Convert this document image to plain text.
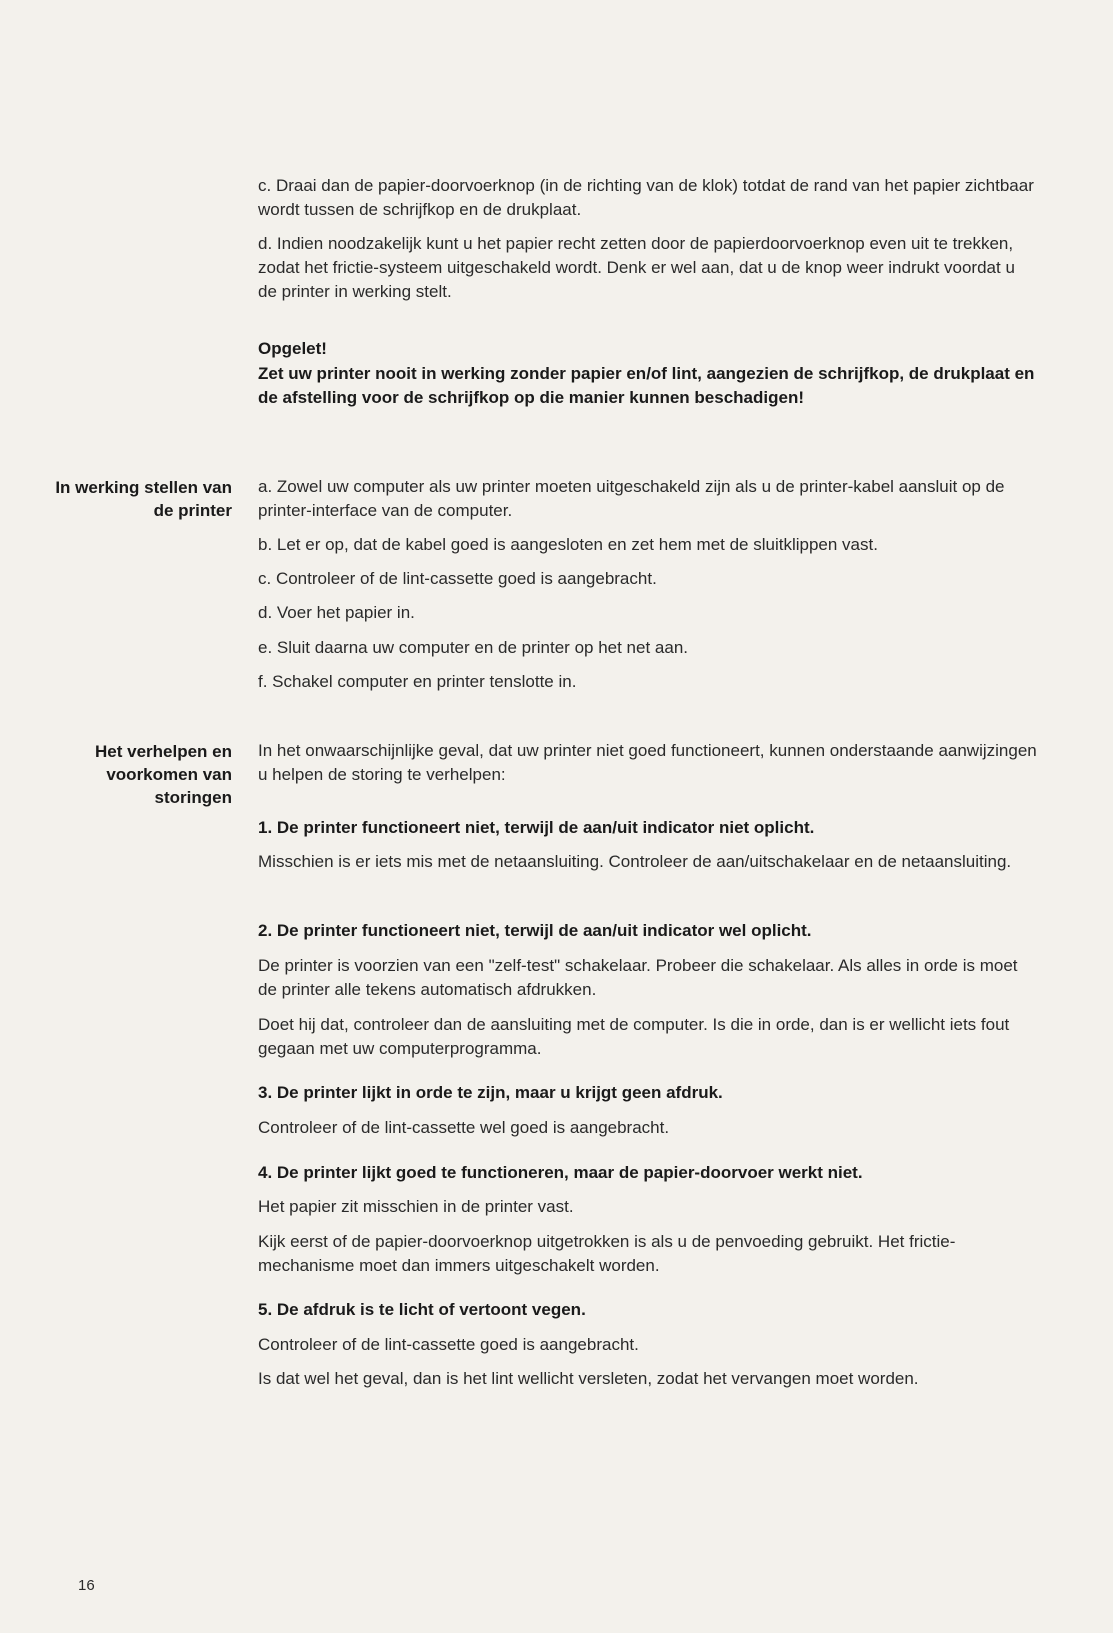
c. Draai dan de papier-doorvoerknop (in de richting van de klok) totdat de rand van het papier zichtbaar wordt tussen de schrijfkop en de drukplaat.

d. Indien noodzakelijk kunt u het papier recht zetten door de papierdoorvoerknop even uit te trekken, zodat het frictie-systeem uitgeschakeld wordt. Denk er wel aan, dat u de knop weer indrukt voordat u de printer in werking stelt.

Opgelet!

Zet uw printer nooit in werking zonder papier en/of lint, aangezien de schrijfkop, de drukplaat en de afstelling voor de schrijfkop op die manier kunnen beschadigen!

In werking stellen van de printer

a. Zowel uw computer als uw printer moeten uitgeschakeld zijn als u de printer-kabel aansluit op de printer-interface van de computer.

b. Let er op, dat de kabel goed is aangesloten en zet hem met de sluitklippen vast.

c. Controleer of de lint-cassette goed is aangebracht.

d. Voer het papier in.

e. Sluit daarna uw computer en de printer op het net aan.

f. Schakel computer en printer tenslotte in.

Het verhelpen en voorkomen van storingen

In het onwaarschijnlijke geval, dat uw printer niet goed functioneert, kunnen onderstaande aanwijzingen u helpen de storing te verhelpen:

1. De printer functioneert niet, terwijl de aan/uit indicator niet oplicht.

Misschien is er iets mis met de netaansluiting. Controleer de aan/uitschakelaar en de netaansluiting.

2. De printer functioneert niet, terwijl de aan/uit indicator wel oplicht.

De printer is voorzien van een "zelf-test" schakelaar. Probeer die schakelaar. Als alles in orde is moet de printer alle tekens automatisch afdrukken.

Doet hij dat, controleer dan de aansluiting met de computer. Is die in orde, dan is er wellicht iets fout gegaan met uw computerprogramma.

3. De printer lijkt in orde te zijn, maar u krijgt geen afdruk.

Controleer of de lint-cassette wel goed is aangebracht.

4. De printer lijkt goed te functioneren, maar de papier-doorvoer werkt niet.

Het papier zit misschien in de printer vast.

Kijk eerst of de papier-doorvoerknop uitgetrokken is als u de penvoeding gebruikt. Het frictie-mechanisme moet dan immers uitgeschakelt worden.

5. De afdruk is te licht of vertoont vegen.

Controleer of de lint-cassette goed is aangebracht.

Is dat wel het geval, dan is het lint wellicht versleten, zodat het vervangen moet worden.

16
